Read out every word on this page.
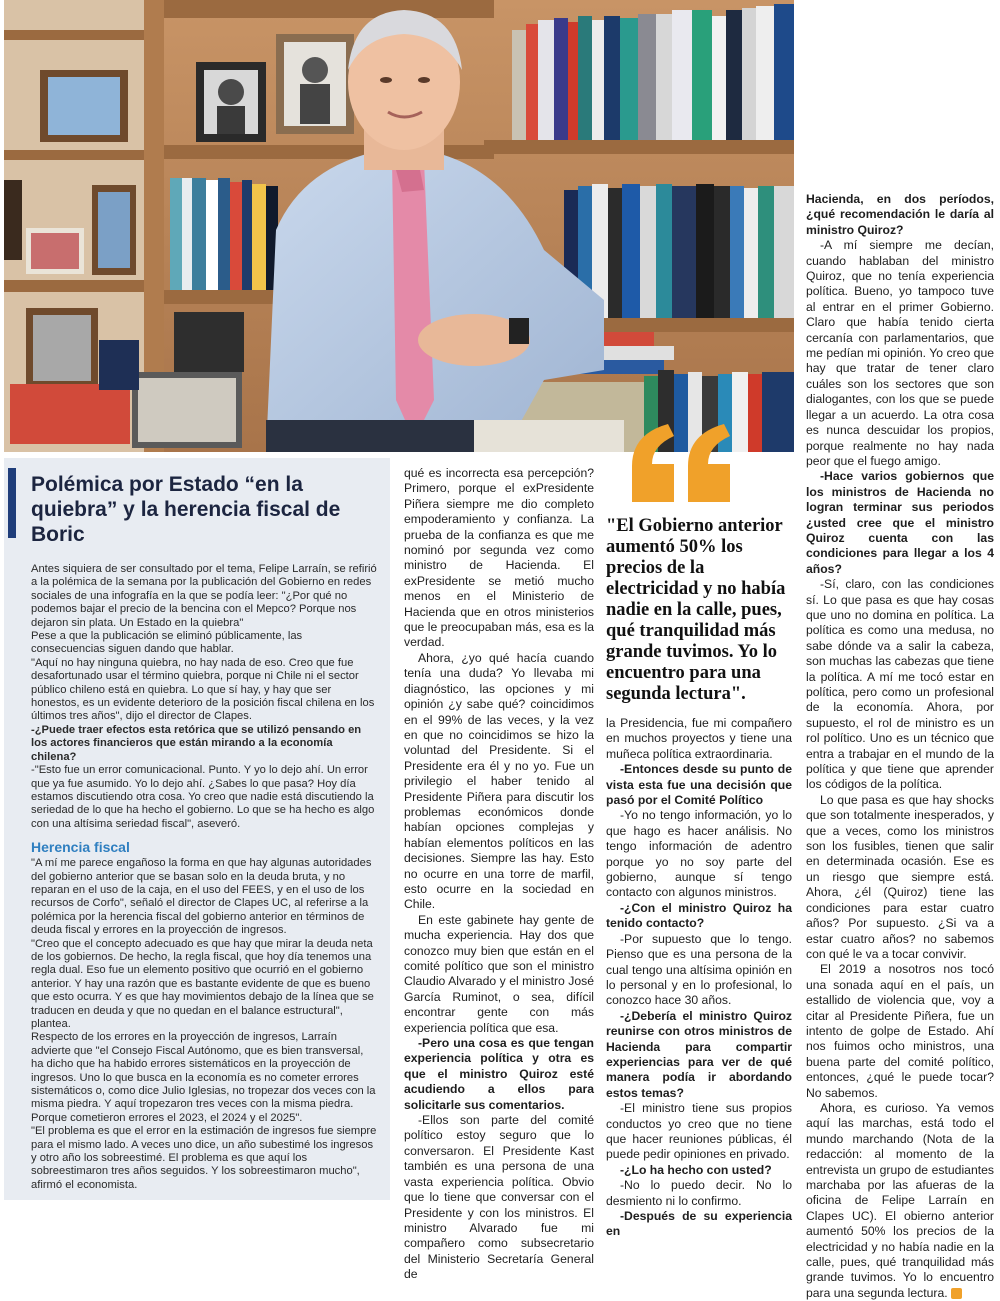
Polémica por Estado “en la quiebra” y la herencia fiscal de Boric

Antes siquiera de ser consultado por el tema, Felipe Larraín, se refirió a la polémica de la semana por la publicación del Gobierno en redes sociales de una infografía en la que se podía leer: "¿Por qué no podemos bajar el precio de la bencina con el Mepco? Porque nos dejaron sin plata. Un Estado en la quiebra"

Pese a que la publicación se eliminó públicamente, las consecuencias siguen dando que hablar.

"Aquí no hay ninguna quiebra, no hay nada de eso. Creo que fue desafortunado usar el término quiebra, porque ni Chile ni el sector público chileno está en quiebra. Lo que sí hay, y hay que ser honestos, es un evidente deterioro de la posición fiscal chilena en los últimos tres años", dijo el director de Clapes.

-¿Puede traer efectos esta retórica que se utilizó pensando en los actores financieros que están mirando a la economía chilena?

-"Esto fue un error comunicacional. Punto. Y yo lo dejo ahí. Un error que ya fue asumido. Yo lo dejo ahí. ¿Sabes lo que pasa? Hoy día estamos discutiendo otra cosa. Yo creo que nadie está discutiendo la seriedad de lo que ha hecho el gobierno. Lo que se ha hecho es algo con una altísima seriedad fiscal", aseveró.

Herencia fiscal

"A mí me parece engañoso la forma en que hay algunas autoridades del gobierno anterior que se basan solo en la deuda bruta, y no reparan en el uso de la caja, en el uso del FEES, y en el uso de los recursos de Corfo", señaló el director de Clapes UC, al referirse a la polémica por la herencia fiscal del gobierno anterior en términos de deuda fiscal y errores en la proyección de ingresos.

"Creo que el concepto adecuado es que hay que mirar la deuda neta de los gobiernos. De hecho, la regla fiscal, que hoy día tenemos una regla dual. Eso fue un elemento positivo que ocurrió en el gobierno anterior. Y hay una razón que es bastante evidente de que es bueno que esto ocurra. Y es que hay movimientos debajo de la línea que se traducen en deuda y que no quedan en el balance estructural", plantea.

Respecto de los errores en la proyección de ingresos, Larraín advierte que "el Consejo Fiscal Autónomo, que es bien transversal, ha dicho que ha habido errores sistemáticos en la proyección de ingresos. Uno lo que busca en la economía es no cometer errores sistemáticos o, como dice Julio Iglesias, no tropezar dos veces con la misma piedra. Y aquí tropezaron tres veces con la misma piedra. Porque cometieron errores el 2023, el 2024 y el 2025".

"El problema es que el error en la estimación de ingresos fue siempre para el mismo lado. A veces uno dice, un año subestimé los ingresos y otro año los sobreestimé. El problema es que aquí los sobreestimaron tres años seguidos. Y los sobreestimaron mucho", afirmó el economista.

qué es incorrecta esa percepción? Primero, porque el exPresidente Piñera siempre me dio completo empoderamiento y confianza. La prueba de la confianza es que me nominó por segunda vez como ministro de Hacienda. El exPresidente se metió mucho menos en el Ministerio de Hacienda que en otros ministerios que le preocupaban más, esa es la verdad.

Ahora, ¿yo qué hacía cuando tenía una duda? Yo llevaba mi diagnóstico, las opciones y mi opinión ¿y sabe qué? coincidimos en el 99% de las veces, y la vez en que no coincidimos se hizo la voluntad del Presidente. Si el Presidente era él y no yo. Fue un privilegio el haber tenido al Presidente Piñera para discutir los problemas económicos donde habían opciones complejas y habían elementos políticos en las decisiones. Siempre las hay. Esto no ocurre en una torre de marfil, esto ocurre en la sociedad en Chile.

En este gabinete hay gente de mucha experiencia. Hay dos que conozco muy bien que están en el comité político que son el ministro Claudio Alvarado y el ministro José García Ruminot, o sea, difícil encontrar gente con más experiencia política que esa.

-Pero una cosa es que tengan experiencia política y otra es que el ministro Quiroz esté acudiendo a ellos para solicitarle sus comentarios.

-Ellos son parte del comité político estoy seguro que lo conversaron. El Presidente Kast también es una persona de una vasta experiencia política. Obvio que lo tiene que conversar con el Presidente y con los ministros. El ministro Alvarado fue mi compañero como subsecretario del Ministerio Secretaría General de

"El Gobierno anterior aumentó 50% los precios de la electricidad y no había nadie en la calle, pues, qué tranquilidad más grande tuvimos. Yo lo encuentro para una segunda lectura".

la Presidencia, fue mi compañero en muchos proyectos y tiene una muñeca política extraordinaria.

-Entonces desde su punto de vista esta fue una decisión que pasó por el Comité Político

-Yo no tengo información, yo lo que hago es hacer análisis. No tengo información de adentro porque yo no soy parte del gobierno, aunque sí tengo contacto con algunos ministros.

-¿Con el ministro Quiroz ha tenido contacto?

-Por supuesto que lo tengo. Pienso que es una persona de la cual tengo una altísima opinión en lo personal y en lo profesional, lo conozco hace 30 años.

-¿Debería el ministro Quiroz reunirse con otros ministros de Hacienda para compartir experiencias para ver de qué manera podía ir abordando estos temas?

-El ministro tiene sus propios conductos yo creo que no tiene que hacer reuniones públicas, él puede pedir opiniones en privado.

-¿Lo ha hecho con usted?

-No lo puedo decir. No lo desmiento ni lo confirmo.

-Después de su experiencia en

Hacienda, en dos períodos, ¿qué recomendación le daría al ministro Quiroz?

-A mí siempre me decían, cuando hablaban del ministro Quiroz, que no tenía experiencia política. Bueno, yo tampoco tuve al entrar en el primer Gobierno. Claro que había tenido cierta cercanía con parlamentarios, que me pedían mi opinión. Yo creo que hay que tratar de tener claro cuáles son los sectores que son dialogantes, con los que se puede llegar a un acuerdo. La otra cosa es nunca descuidar los propios, porque realmente no hay nada peor que el fuego amigo.

-Hace varios gobiernos que los ministros de Hacienda no logran terminar sus periodos ¿usted cree que el ministro Quiroz cuenta con las condiciones para llegar a los 4 años?

-Sí, claro, con las condiciones sí. Lo que pasa es que hay cosas que uno no domina en política. La política es como una medusa, no sabe dónde va a salir la cabeza, son muchas las cabezas que tiene la política. A mí me tocó estar en política, pero como un profesional de la economía. Ahora, por supuesto, el rol de ministro es un rol político. Uno es un técnico que entra a trabajar en el mundo de la política y que tiene que aprender los códigos de la política.

Lo que pasa es que hay shocks que son totalmente inesperados, y que a veces, como los ministros son los fusibles, tienen que salir en determinada ocasión. Ese es un riesgo que siempre está. Ahora, ¿él (Quiroz) tiene las condiciones para estar cuatro años? Por supuesto. ¿Si va a estar cuatro años? no sabemos con qué le va a tocar convivir.

El 2019 a nosotros nos tocó una sonada aquí en el país, un estallido de violencia que, voy a citar al Presidente Piñera, fue un intento de golpe de Estado. Ahí nos fuimos ocho ministros, una buena parte del comité político, entonces, ¿qué le puede tocar? No sabemos.

Ahora, es curioso. Ya vemos aquí las marchas, está todo el mundo marchando (Nota de la redacción: al momento de la entrevista un grupo de estudiantes marchaba por las afueras de la oficina de Felipe Larraín en Clapes UC). El obierno anterior aumentó 50% los precios de la electricidad y no había nadie en la calle, pues, qué tranquilidad más grande tuvimos. Yo lo encuentro para una segunda lectura.
